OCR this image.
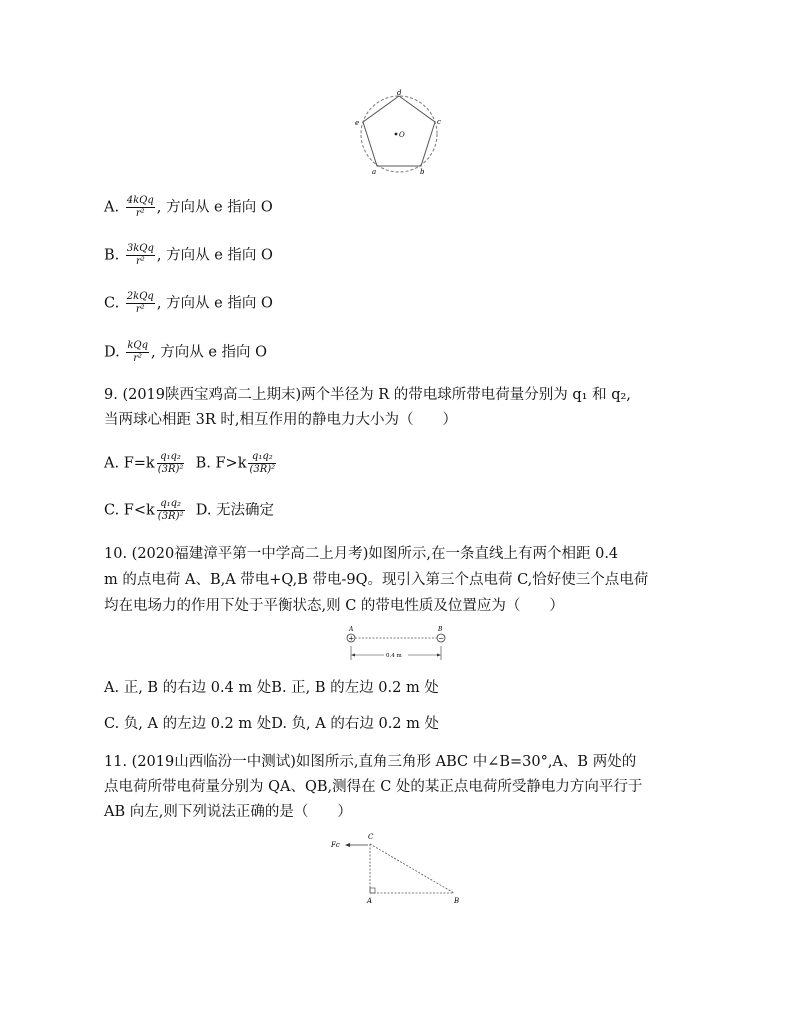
d
c
b
a
e
O
A. $\frac{\text{4kQq}}{\text{r²}}$ , 方向从 e 指向 O
B. $\frac{\text{3kQq}}{\text{r²}}$ , 方向从 e 指向 O
C. $\frac{\text{2kQq}}{\text{r²}}$ , 方向从 e 指向 O
D. $\frac{\text{kQq}}{\text{r²}}$ , 方向从 e 指向 O
9. (2019陕西宝鸡高二上期末)两个半径为 R 的带电球所带电荷量分别为 q₁ 和 q₂,
当两球心相距 3R 时,相互作用的静电力大小为（　　）
A. $F=k \frac{\text{q₁q₂}}{\text{(3R)²}} B$. $F>k \frac{\text{q₁q₂}}{\text{(3R)²}}$
C. $F<k \frac{\text{q₁q₂}}{\text{(3R)²}} D$. 无法确定
10. (2020福建漳平第一中学高二上月考)如图所示,在一条直线上有两个相距 0.4
m 的点电荷 A、B,A 带电+Q,B 带电-9Q。现引入第三个点电荷 C,恰好使三个点电荷
均在电场力的作用下处于平衡状态,则 C 的带电性质及位置应为（　　）
A	B
+	−
0.4 m
A. 正, B 的右边 0.4 m 处B. 正, B 的左边 0.2 m 处
C. 负, A 的左边 0.2 m 处D. 负, A 的右边 0.2 m 处
11. (2019山西临汾一中测试)如图所示,直角三角形 ABC 中∠B=30°,A、B 两处的
点电荷所带电荷量分别为 QA、QB,测得在 C 处的某正点电荷所受静电力方向平行于
AB 向左,则下列说法正确的是（　　）
Fc
C
A	B
